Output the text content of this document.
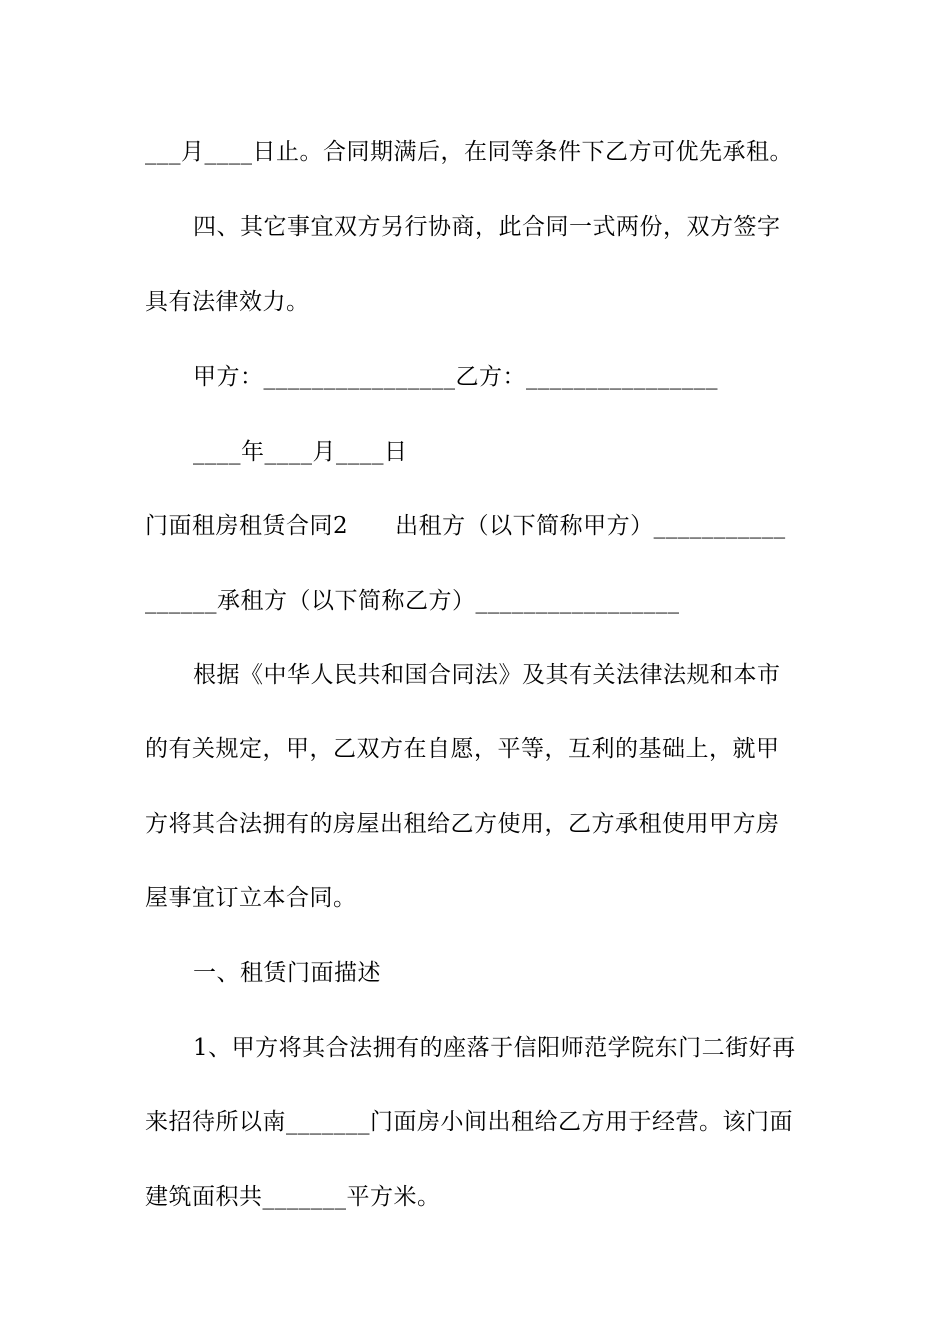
___月____日止。合同期满后，在同等条件下乙方可优先承租。
四、其它事宜双方另行协商，此合同一式两份，双方签字
具有法律效力。
甲方：________________乙方：________________
____年____月____日
门面租房租赁合同2　　出租方（以下简称甲方）___________
______承租方（以下简称乙方）_________________
根据《中华人民共和国合同法》及其有关法律法规和本市
的有关规定，甲，乙双方在自愿，平等，互利的基础上，就甲
方将其合法拥有的房屋出租给乙方使用，乙方承租使用甲方房
屋事宜订立本合同。
一、租赁门面描述
1、甲方将其合法拥有的座落于信阳师范学院东门二街好再
来招待所以南_______门面房小间出租给乙方用于经营。该门面
建筑面积共_______平方米。
